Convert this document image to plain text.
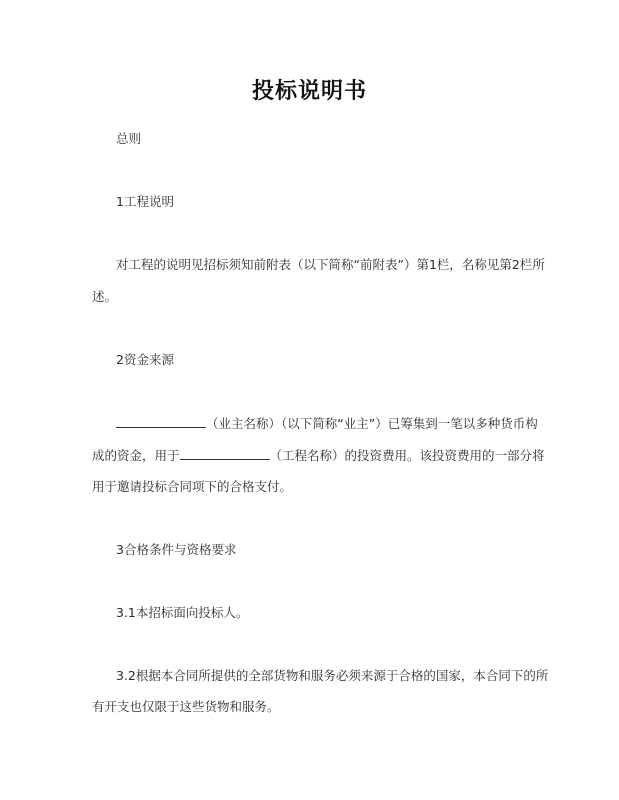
投标说明书
总则
1工程说明
对工程的说明见招标须知前附表（以下简称“前附表”）第1栏，名称见第2栏所
述。
2资金来源
（业主名称）（以下简称“业主”）已筹集到一笔以多种货币构
成的资金，用于	（工程名称）的投资费用。该投资费用的一部分将
用于邀请投标合同项下的合格支付。
3合格条件与资格要求
3.1本招标面向投标人。
3.2根据本合同所提供的全部货物和服务必须来源于合格的国家，本合同下的所
有开支也仅限于这些货物和服务。
